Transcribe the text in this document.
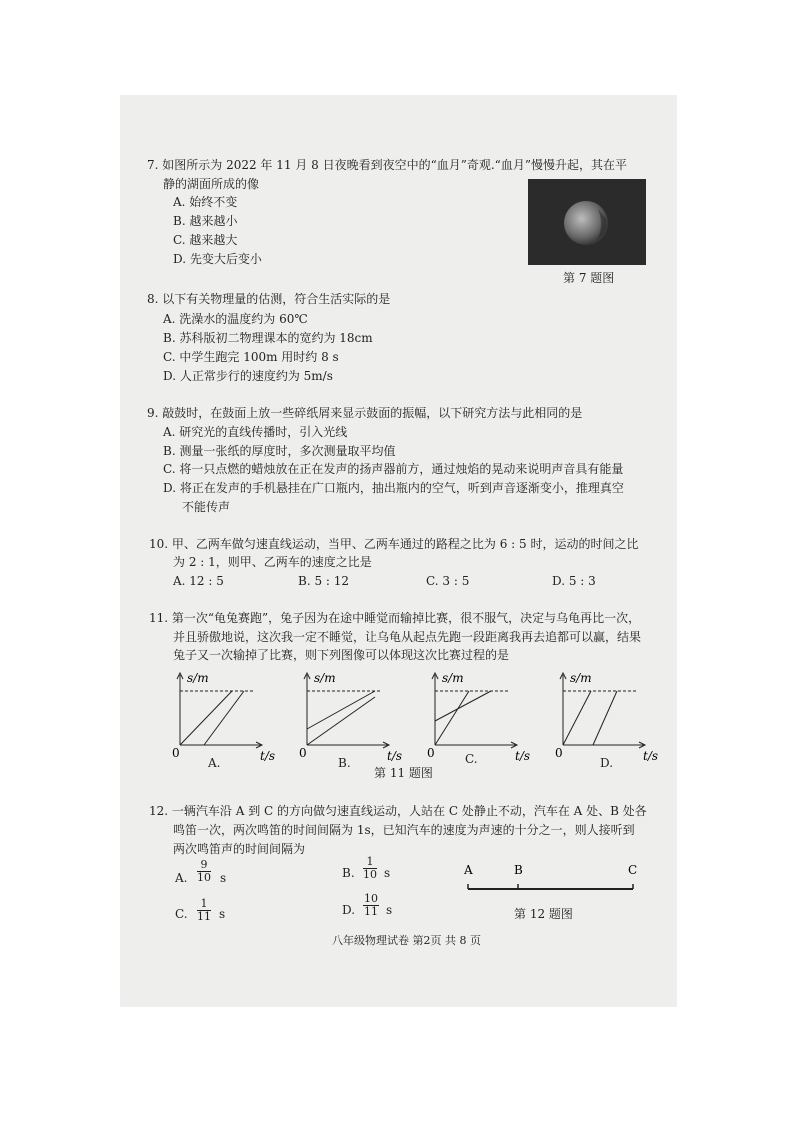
7. 如图所示为 2022 年 11 月 8 日夜晚看到夜空中的“血月”奇观.“血月”慢慢升起，其在平
静的湖面所成的像
A. 始终不变
B. 越来越小
C. 越来越大
D. 先变大后变小
第 7 题图
8. 以下有关物理量的估测，符合生活实际的是
A. 洗澡水的温度约为 60℃
B. 苏科版初二物理课本的宽约为 18cm
C. 中学生跑完 100m 用时约 8 s
D. 人正常步行的速度约为 5m/s
9. 敲鼓时，在鼓面上放一些碎纸屑来显示鼓面的振幅，以下研究方法与此相同的是
A. 研究光的直线传播时，引入光线
B. 测量一张纸的厚度时，多次测量取平均值
C. 将一只点燃的蜡烛放在正在发声的扬声器前方，通过烛焰的晃动来说明声音具有能量
D. 将正在发声的手机悬挂在广口瓶内，抽出瓶内的空气，听到声音逐渐变小，推理真空
不能传声
10. 甲、乙两车做匀速直线运动，当甲、乙两车通过的路程之比为 6 : 5 时，运动的时间之比
为 2 : 1，则甲、乙两车的速度之比是
A. 12 : 5	B. 5 : 12	C. 3 : 5	D. 5 : 3
11. 第一次“龟兔赛跑”，兔子因为在途中睡觉而输掉比赛，很不服气，决定与乌龟再比一次，
并且骄傲地说，这次我一定不睡觉，让乌龟从起点先跑一段距离我再去追都可以赢，结果
兔子又一次输掉了比赛，则下列图像可以体现这次比赛过程的是
s/m
0	t/s
A.
s/m
0	t/s
B.
s/m
0	t/s
C.
s/m
0	t/s
D.
第 11 题图
12. 一辆汽车沿 A 到 C 的方向做匀速直线运动，人站在 C 处静止不动，汽车在 A 处、B 处各
鸣笛一次，两次鸣笛的时间间隔为 1s，已知汽车的速度为声速的十分之一，则人接听到
两次鸣笛声的时间间隔为
A. $\frac{9}{10}$ s	B. $\frac{1}{10}$ s
C. $\frac{1}{11}$ s	D. $\frac{10}{11}$ s
A	B	C
第 12 题图
八年级物理试卷 第2页 共 8 页
